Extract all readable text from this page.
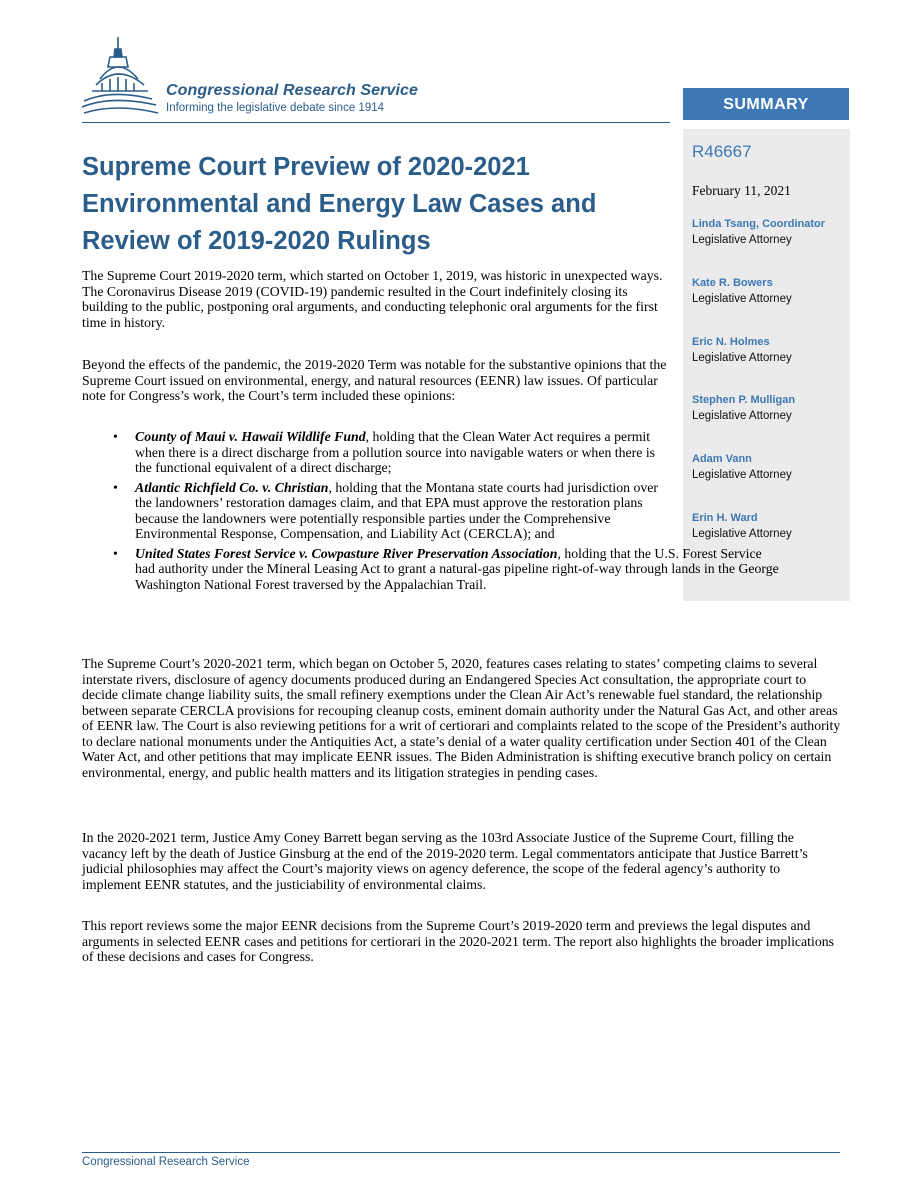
Congressional Research Service
Informing the legislative debate since 1914	SUMMARY
R46667
February 11, 2021
Linda Tsang, Coordinator
Legislative Attorney
Kate R. Bowers
Legislative Attorney
Eric N. Holmes
Legislative Attorney
Stephen P. Mulligan
Legislative Attorney
Adam Vann
Legislative Attorney
Erin H. Ward
Legislative Attorney
Supreme Court Preview of 2020-2021 Environmental and Energy Law Cases and Review of 2019-2020 Rulings

The Supreme Court 2019-2020 term, which started on October 1, 2019, was historic in unexpected ways. The Coronavirus Disease 2019 (COVID-19) pandemic resulted in the Court indefinitely closing its building to the public, postponing oral arguments, and conducting telephonic oral arguments for the first time in history.

Beyond the effects of the pandemic, the 2019-2020 Term was notable for the substantive opinions that the Supreme Court issued on environmental, energy, and natural resources (EENR) law issues. Of particular note for Congress’s work, the Court’s term included these opinions:

• County of Maui v. Hawaii Wildlife Fund, holding that the Clean Water Act requires a permit when there is a direct discharge from a pollution source into navigable waters or when there is the functional equivalent of a direct discharge;
• Atlantic Richfield Co. v. Christian, holding that the Montana state courts had jurisdiction over the landowners’ restoration damages claim, and that EPA must approve the restoration plans because the landowners were potentially responsible parties under the Comprehensive Environmental Response, Compensation, and Liability Act (CERCLA); and
• United States Forest Service v. Cowpasture River Preservation Association, holding that the U.S. Forest Service had authority under the Mineral Leasing Act to grant a natural-gas pipeline right-of-way through lands in the George Washington National Forest traversed by the Appalachian Trail.

The Supreme Court’s 2020-2021 term, which began on October 5, 2020, features cases relating to states’ competing claims to several interstate rivers, disclosure of agency documents produced during an Endangered Species Act consultation, the appropriate court to decide climate change liability suits, the small refinery exemptions under the Clean Air Act’s renewable fuel standard, the relationship between separate CERCLA provisions for recouping cleanup costs, eminent domain authority under the Natural Gas Act, and other areas of EENR law. The Court is also reviewing petitions for a writ of certiorari and complaints related to the scope of the President’s authority to declare national monuments under the Antiquities Act, a state’s denial of a water quality certification under Section 401 of the Clean Water Act, and other petitions that may implicate EENR issues. The Biden Administration is shifting executive branch policy on certain environmental, energy, and public health matters and its litigation strategies in pending cases.

In the 2020-2021 term, Justice Amy Coney Barrett began serving as the 103rd Associate Justice of the Supreme Court, filling the vacancy left by the death of Justice Ginsburg at the end of the 2019-2020 term. Legal commentators anticipate that Justice Barrett’s judicial philosophies may affect the Court’s majority views on agency deference, the scope of the federal agency’s authority to implement EENR statutes, and the justiciability of environmental claims.

This report reviews some the major EENR decisions from the Supreme Court’s 2019-2020 term and previews the legal disputes and arguments in selected EENR cases and petitions for certiorari in the 2020-2021 term. The report also highlights the broader implications of these decisions and cases for Congress.

Congressional Research Service
